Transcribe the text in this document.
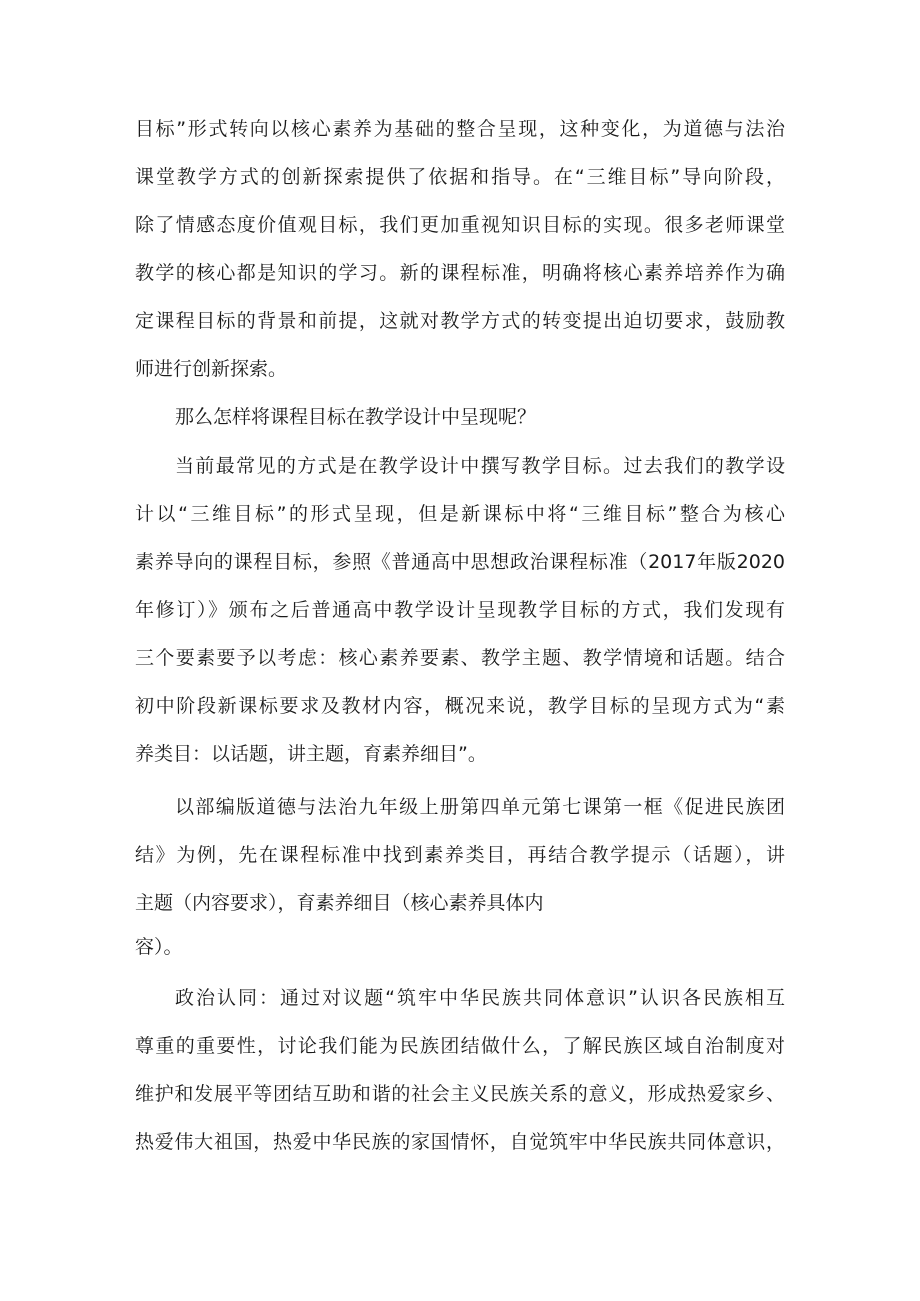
目标”形式转向以核心素养为基础的整合呈现，这种变化，为道德与法治
课堂教学方式的创新探索提供了依据和指导。在“三维目标”导向阶段，
除了情感态度价值观目标，我们更加重视知识目标的实现。很多老师课堂
教学的核心都是知识的学习。新的课程标准，明确将核心素养培养作为确
定课程目标的背景和前提，这就对教学方式的转变提出迫切要求，鼓励教
师进行创新探索。
那么怎样将课程目标在教学设计中呈现呢？
当前最常见的方式是在教学设计中撰写教学目标。过去我们的教学设
计以“三维目标”的形式呈现，但是新课标中将“三维目标”整合为核心
素养导向的课程目标，参照《普通高中思想政治课程标准（2017年版2020
年修订）》颁布之后普通高中教学设计呈现教学目标的方式，我们发现有
三个要素要予以考虑：核心素养要素、教学主题、教学情境和话题。结合
初中阶段新课标要求及教材内容，概况来说，教学目标的呈现方式为“素
养类目：以话题，讲主题，育素养细目”。
以部编版道德与法治九年级上册第四单元第七课第一框《促进民族团
结》为例，先在课程标准中找到素养类目，再结合教学提示（话题），讲
主题（内容要求），育素养细目（核心素养具体内
容）。
政治认同：通过对议题“筑牢中华民族共同体意识”认识各民族相互
尊重的重要性，讨论我们能为民族团结做什么，了解民族区域自治制度对
维护和发展平等团结互助和谐的社会主义民族关系的意义，形成热爱家乡、
热爱伟大祖国，热爱中华民族的家国情怀，自觉筑牢中华民族共同体意识，
